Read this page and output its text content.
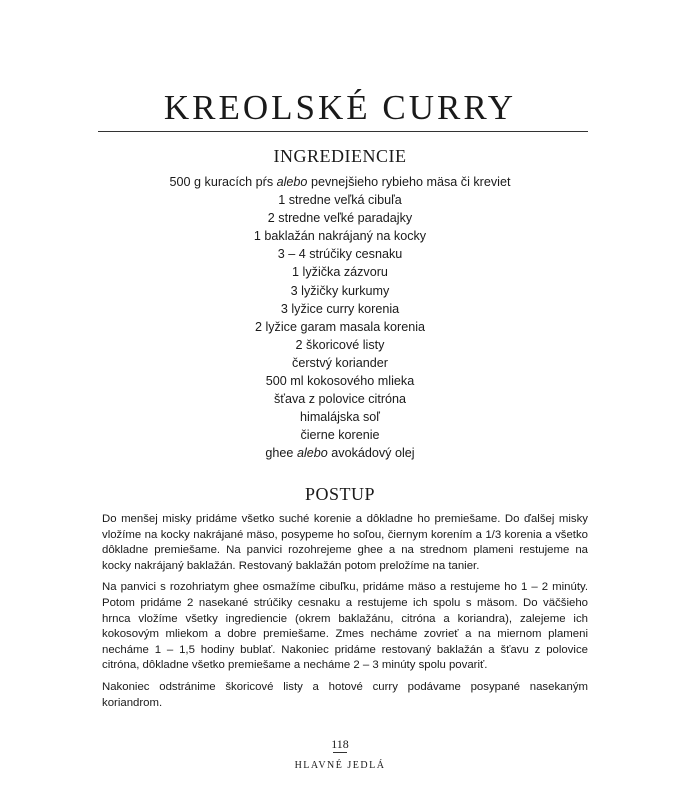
KREOLSKÉ CURRY
INGREDIENCIE
500 g kuracích pŕs alebo pevnejšieho rybieho mäsa či kreviet
1 stredne veľká cibuľa
2 stredne veľké paradajky
1 baklažán nakrájaný na kocky
3 – 4 strúčiky cesnaku
1 lyžička zázvoru
3 lyžičky kurkumy
3 lyžice curry korenia
2 lyžice garam masala korenia
2 škoricové listy
čerstvý koriander
500 ml kokosového mlieka
šťava z polovice citróna
himalájska soľ
čierne korenie
ghee alebo avokádový olej
POSTUP

Do menšej misky pridáme všetko suché korenie a dôkladne ho premiešame. Do ďalšej misky vložíme na kocky nakrájané mäso, posypeme ho soľou, čiernym korením a 1/3 korenia a všetko dôkladne premiešame. Na panvici rozohrejeme ghee a na strednom plameni restujeme na kocky nakrájaný baklažán. Restovaný baklažán potom preložíme na tanier.

Na panvici s rozohriatym ghee osmažíme cibuľku, pridáme mäso a restujeme ho 1 – 2 minúty. Potom pridáme 2 nasekané strúčiky cesnaku a restujeme ich spolu s mäsom. Do väčšieho hrnca vložíme všetky ingrediencie (okrem baklažánu, citróna a koriandra), zalejeme ich kokosovým mliekom a dobre premiešame. Zmes necháme zovrieť a na miernom plameni necháme 1 – 1,5 hodiny bublať. Nakoniec pridáme restovaný baklažán a šťavu z polovice citróna, dôkladne všetko premiešame a necháme 2 – 3 minúty spolu povariť.

Nakoniec odstránime škoricové listy a hotové curry podávame posypané nasekaným koriandrom.

118
HLAVNÉ JEDLÁ
